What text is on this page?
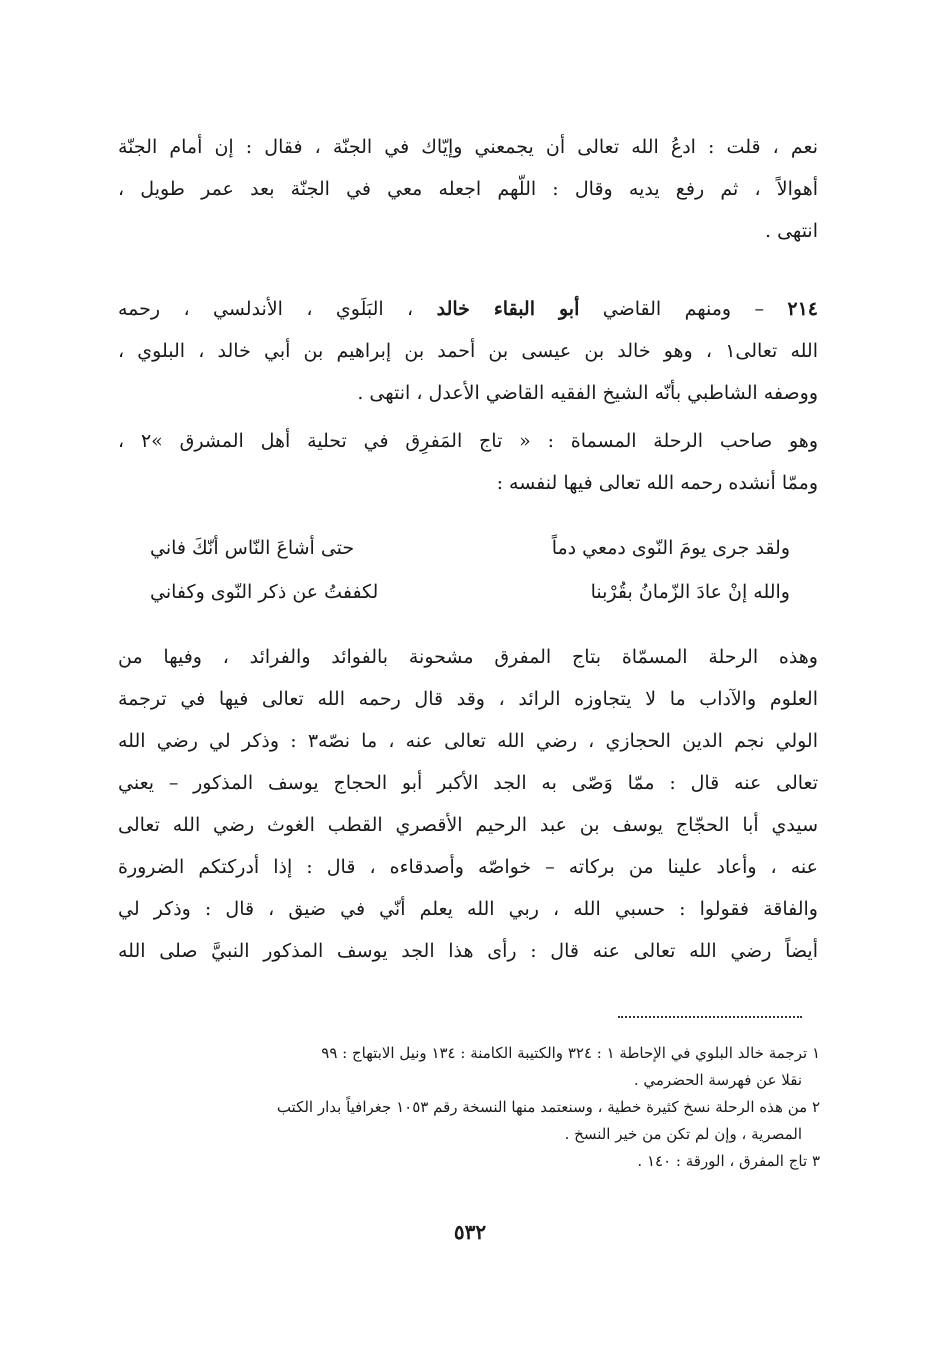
نعم ، قلت : ادعُ الله تعالى أن يجمعني وإيّاك في الجنّة ، فقال : إن أمام الجنّة
أهوالاً ، ثم رفع يديه وقال : اللّهم اجعله معي في الجنّة بعد عمر طويل ،
انتهى .
٢١٤ – ومنهم القاضي أبو البقاء خالد ، البَلَوي ، الأندلسي ، رحمه
الله تعالى١ ، وهو خالد بن عيسى بن أحمد بن إبراهيم بن أبي خالد ، البلوي ،
ووصفه الشاطبي بأنّه الشيخ الفقيه القاضي الأعدل ، انتهى .
وهو صاحب الرحلة المسماة : « تاج المَفرِق في تحلية أهل المشرق »٢ ،
وممّا أنشده رحمه الله تعالى فيها لنفسه :
ولقد جرى يومَ النّوى دمعي دماً
حتى أشاعَ النّاس أنّكَ فاني
والله إنْ عادَ الزّمانُ بقُرْبنا
لكففتُ عن ذكر النّوى وكفاني
وهذه الرحلة المسمّاة بتاج المفرق مشحونة بالفوائد والفرائد ، وفيها من
العلوم والآداب ما لا يتجاوزه الرائد ، وقد قال رحمه الله تعالى فيها في ترجمة
الولي نجم الدين الحجازي ، رضي الله تعالى عنه ، ما نصّه٣ : وذكر لي رضي الله
تعالى عنه قال : ممّا وَصّى به الجد الأكبر أبو الحجاج يوسف المذكور – يعني
سيدي أبا الحجّاج يوسف بن عبد الرحيم الأقصري القطب الغوث رضي الله تعالى
عنه ، وأعاد علينا من بركاته – خواصّه وأصدقاءه ، قال : إذا أدركتكم الضرورة
والفاقة فقولوا : حسبي الله ، ربي الله يعلم أنّي في ضيق ، قال : وذكر لي
أيضاً رضي الله تعالى عنه قال : رأى هذا الجد يوسف المذكور النبيَّ صلى الله
١ ترجمة خالد البلوي في الإحاطة ١ : ٣٢٤ والكتيبة الكامنة : ١٣٤ ونيل الابتهاج : ٩٩
نقلا عن فهرسة الحضرمي .
٢ من هذه الرحلة نسخ كثيرة خطية ، وسنعتمد منها النسخة رقم ١٠٥٣ جغرافياً بدار الكتب
المصرية ، وإن لم تكن من خير النسخ .
٣ تاج المفرق ، الورقة : ١٤٠ .
٥٣٢
